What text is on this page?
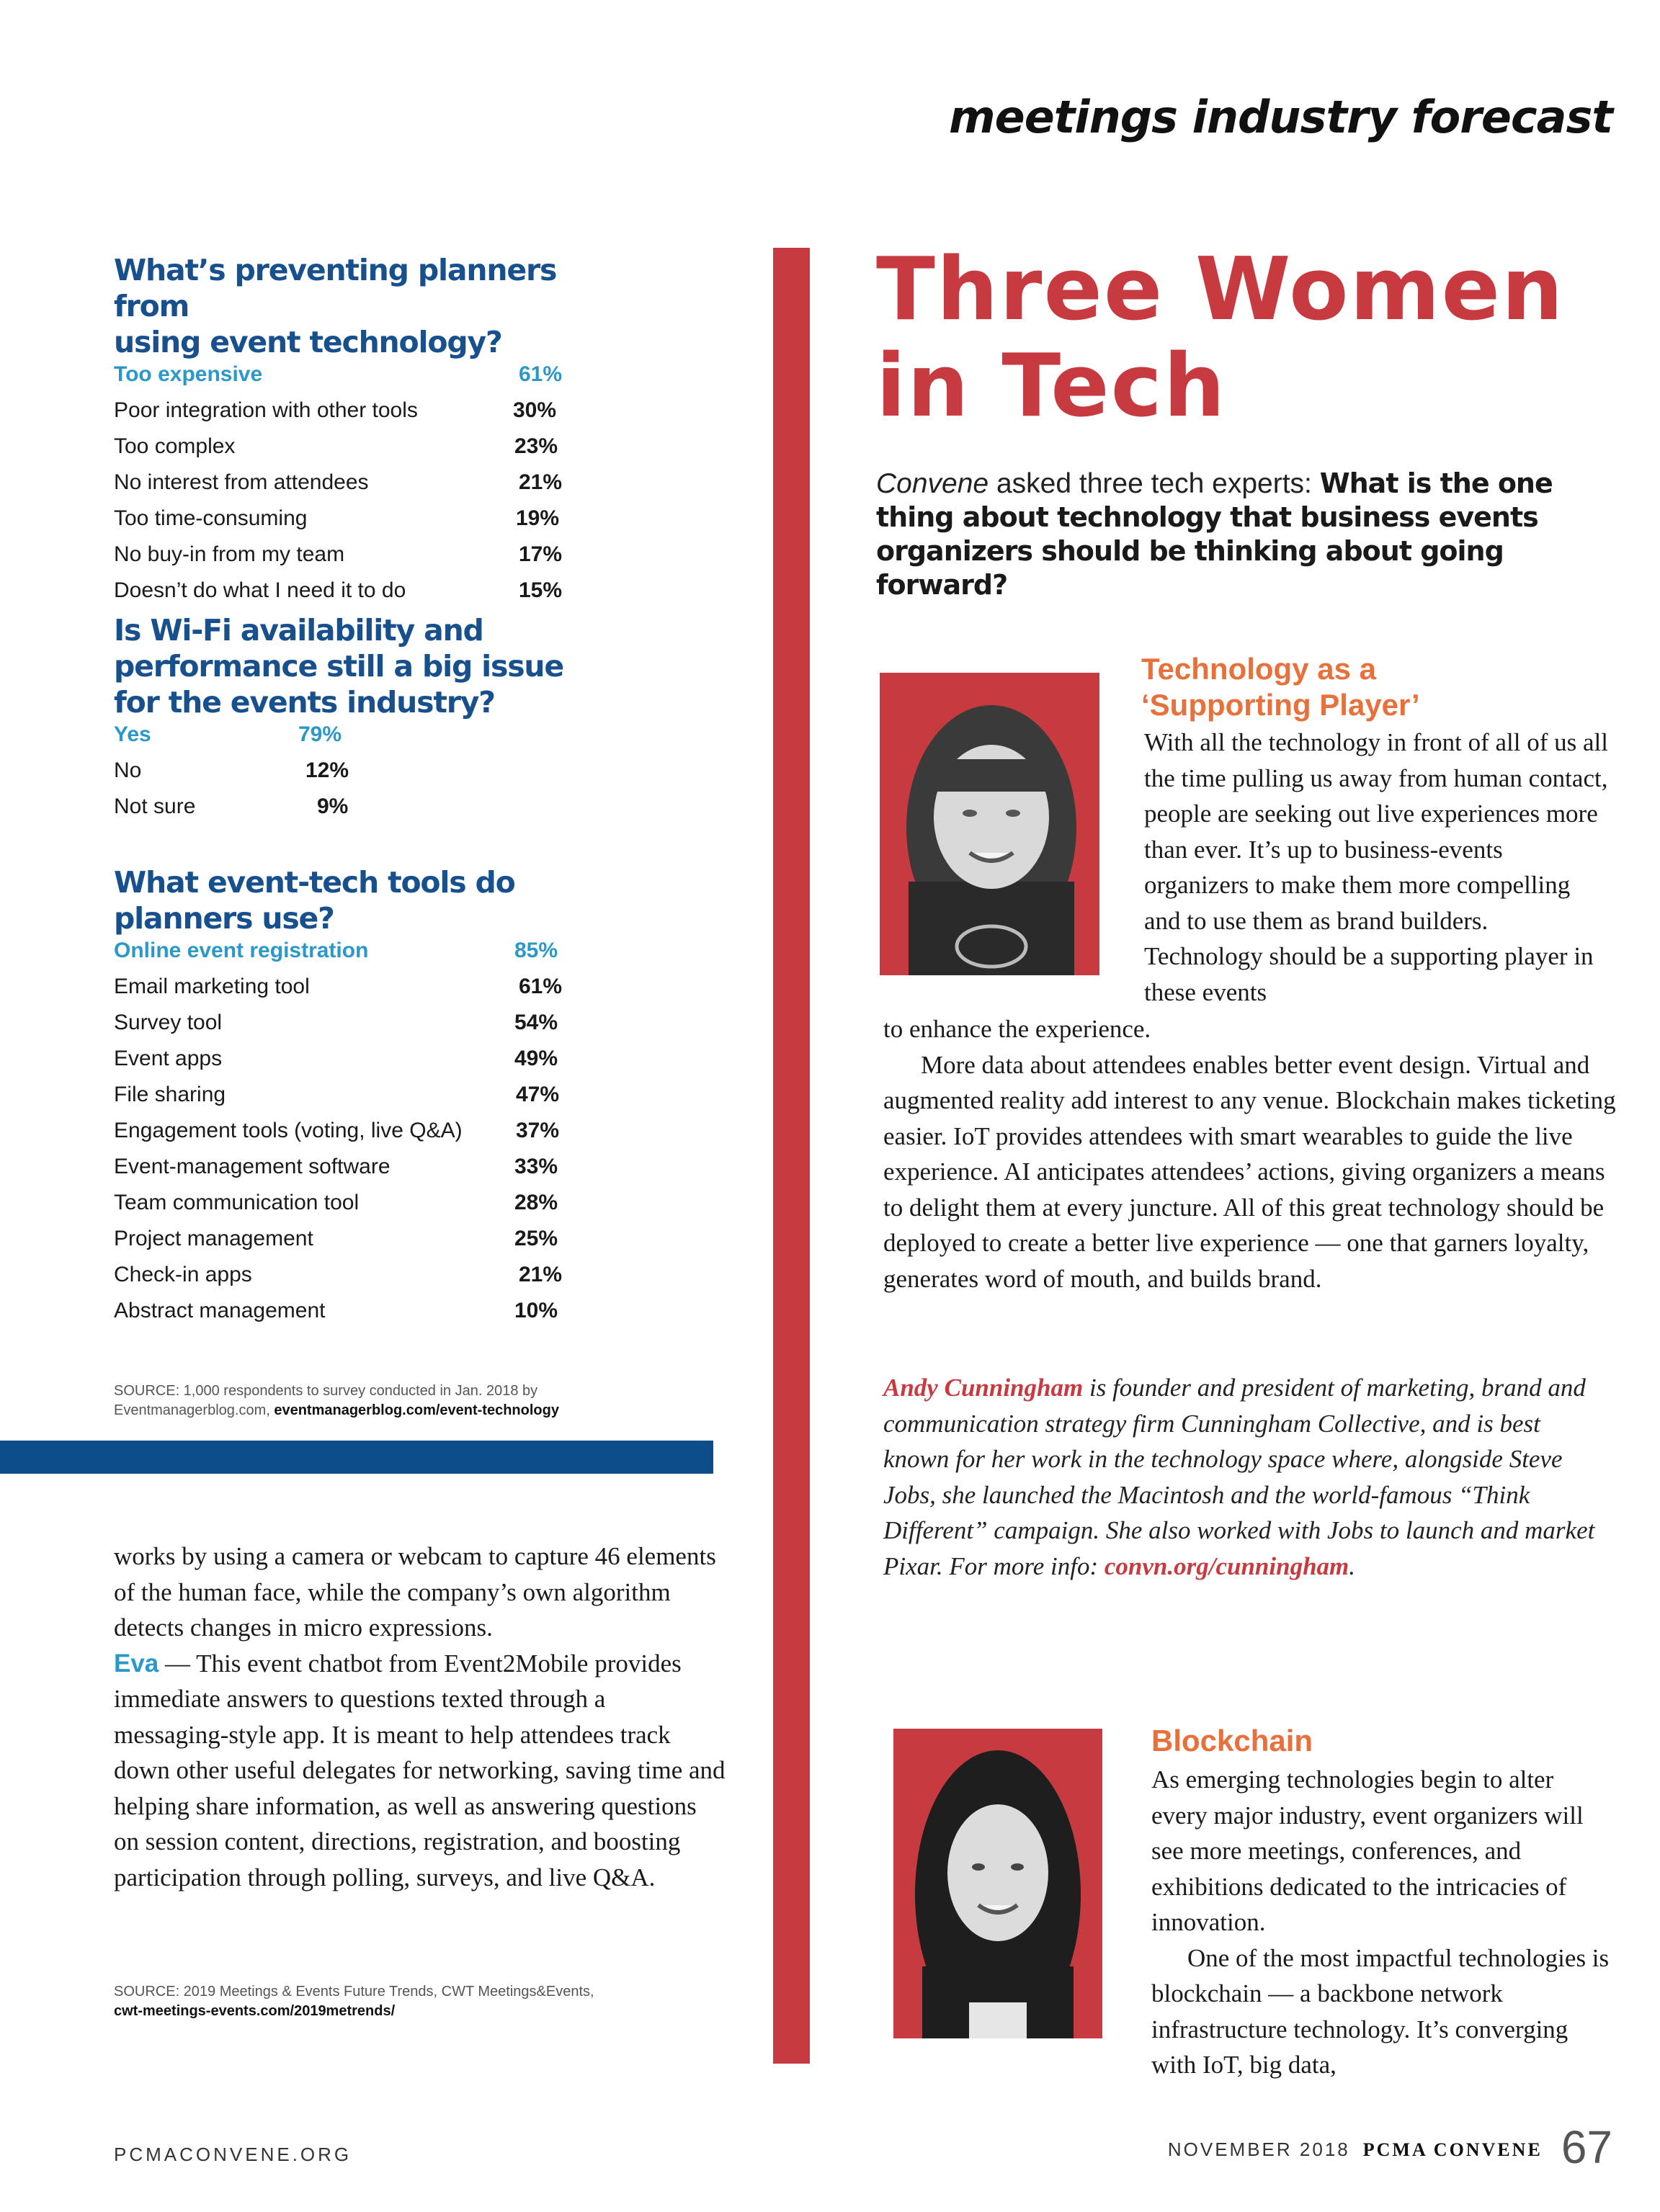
meetings industry forecast
What’s preventing planners from
using event technology?
Too expensive	61%
Poor integration with other tools	30%
Too complex	23%
No interest from attendees	21%
Too time-consuming	19%
No buy-in from my team	17%
Doesn’t do what I need it to do	15%
Is Wi-Fi availability and
performance still a big issue
for the events industry?
Yes	79%
No	12%
Not sure	9%
What event-tech tools do
planners use?
Online event registration	85%
Email marketing tool	61%
Survey tool	54%
Event apps	49%
File sharing	47%
Engagement tools (voting, live Q&A) 37%
Event-management software	33%
Team communication tool	28%
Project management	25%
Check-in apps	21%
Abstract management	10%
SOURCE: 1,000 respondents to survey conducted in Jan. 2018 by
Eventmanagerblog.com, eventmanagerblog.com/event-technology

works by using a camera or webcam to capture 46 elements of the human face, while the company’s own algorithm detects changes in micro expressions.

Eva — This event chatbot from Event2Mobile provides immediate answers to questions texted through a messaging-style app. It is meant to help attendees track down other useful delegates for networking, saving time and helping share information, as well as answering questions on session content, directions, registration, and boosting participation through polling, surveys, and live Q&A.

SOURCE: 2019 Meetings & Events Future Trends, CWT Meetings&Events,
cwt-meetings-events.com/2019metrends/
Three Women
in Tech
Convene asked three tech experts: What is the one thing about technology that business events organizers should be thinking about going forward?
Technology as a
‘Supporting Player’

With all the technology in front of all of us all the time pulling us away from human contact, people are seeking out live experiences more than ever. It’s up to business-events organizers to make them more compelling and to use them as brand builders. Technology should be a supporting player in these events

to enhance the experience.

More data about attendees enables better event design. Virtual and augmented reality add interest to any venue. Blockchain makes ticketing easier. IoT provides attendees with smart wearables to guide the live experience. AI anticipates attendees’ actions, giving organizers a means to delight them at every juncture. All of this great technology should be deployed to create a better live experience — one that garners loyalty, generates word of mouth, and builds brand.

Andy Cunningham is founder and president of marketing, brand and communication strategy firm Cunningham Collective, and is best known for her work in the technology space where, alongside Steve Jobs, she launched the Macintosh and the world-famous “Think Different” campaign. She also worked with Jobs to launch and market Pixar. For more info: convn.org/cunningham.
Blockchain

As emerging technologies begin to alter every major industry, event organizers will see more meetings, conferences, and exhibitions dedicated to the intricacies of innovation.

One of the most impactful technologies is blockchain — a backbone network infrastructure technology. It’s converging with IoT, big data,

PCMACONVENE.ORG	NOVEMBER 2018 PCMA CONVENE 67
